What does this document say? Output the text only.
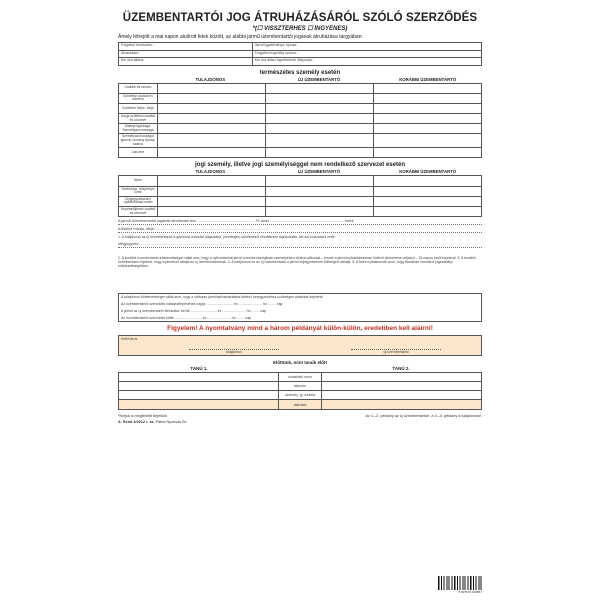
ÜZEMBENTARTÓI JOG ÁTRUHÁZÁSÁRÓL SZÓLÓ SZERZŐDÉS
*(☐ VISSZTERHES ☐ INGYENES)
Ámely létrejött a mai napon alulírott felek között, az alábbi jármű üzembentartói jogának átruházása tárgyában:
Forgalmi rendszám:	Jármű gyártmánya, típusa:
Alvázszám:	Forgalmi engedély száma:
Km óra állása:	Km óra állás rögzítésének időpontja:
természetes személy esetén
TULAJDONOS	ÚJ ÜZEMBENTARTÓ	KORÁBBI ÜZEMBENTARTÓ
Családi és utónév			
Születési családi és utónéve			
Születési helye, ideje			
Anyja születési családi és utóneve			
Állampolgársága, Személyazonossága			
Személyazonosságot igazoló okmány típusa, száma			
Lakcíme			
jogi személy, illetve jogi személyiséggel nem rendelkező szervezet esetén
TULAJDONOS	ÚJ ÜZEMBENTARTÓ	KORÁBBI ÜZEMBENTARTÓ
Neve			
Székhelye, telephelye címe			
Cégjegyzékszám, nyilvántartási szám			
Képviselőjének családi és utóneve			
A jármű üzembentartói jogának átruházási ára: ...................................................... Ft, azaz ...................................................................... forint
A fizetés módja, ideje: ..........................................................................................................
1. A tulajdonos az új üzembentartót a gépkocsi műszaki állapotáról, (esetleges) sérüléseiről részletesen tájékoztatta, aki azt tudomásul vette.
Megjegyzés: .............................................................................................................
2. A korábbi üzembentartó kötelezettséget vállal arra, hogy a nyilvántartott jármű üzembentartójának személyében történt változást – ennek a járműnyilvántartásban történő átvezetése céljából – 15 napon belül bejelenti. 3. A korábbi üzembentartó kijelenti, hogy a járművet átadja az új üzembentartónak. 4. A tulajdonos és az új üzembentartó a jármű bejegyzésének költségeit vállalja. 5. A felek nyilatkoznak arról, hogy tisztában vannak a jogszabályi kötelezettségeikkel.
A tulajdonos kötelezettséget vállal arra, hogy a változás járműnyilvántartásba történő bejegyzéséhez szükséges adatokat bejelenti:
Az üzembentartói szerződés hatálybalépésének napja: ........................... év ........................ hó ........ nap
A jármű az új üzembentartó birtokába: került ........................... év ........................ hó ........ nap
Az üzembentartói szerződés kelte: ........................... év ........................ hó ........ nap
Figyelem! A nyomtatvány mind a három példányát külön-külön, eredetiben kell aláírni!
Kelt/Város:
tulajdonos	új üzembentartó
Előttünk, mint tanúk előtt
TANÚ 1.	TANÚ 2.
	olvasható neve	
	lakcíme	
	személy. ig. száma	
	aláírása	
*Kérjük a megfelelőt bejelölni.	Az 1.–2. példány az új üzembentartóé, a 3.–4. példány a tulajdonosé.
A. Rend 4/2012 r. sz. Pátria Nyomda Zrt.
5 997674 319567
